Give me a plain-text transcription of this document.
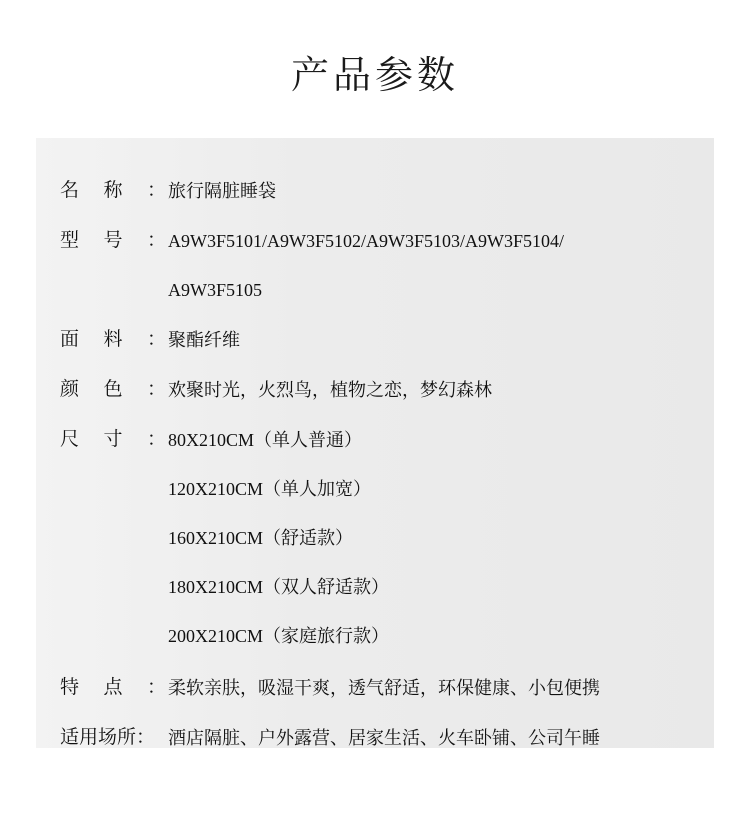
产品参数
名 称 ： 旅行隔脏睡袋
型 号 ： A9W3F5101/A9W3F5102/A9W3F5103/A9W3F5104/
A9W3F5105
面 料 ： 聚酯纤维
颜 色 ： 欢聚时光，火烈鸟，植物之恋，梦幻森林
尺 寸 ： 80X210CM（单人普通）
120X210CM（单人加宽）
160X210CM（舒适款）
180X210CM（双人舒适款）
200X210CM（家庭旅行款）
特 点 ： 柔软亲肤，吸湿干爽，透气舒适，环保健康、小包便携
适用场所： 酒店隔脏、户外露营、居家生活、火车卧铺、公司午睡
